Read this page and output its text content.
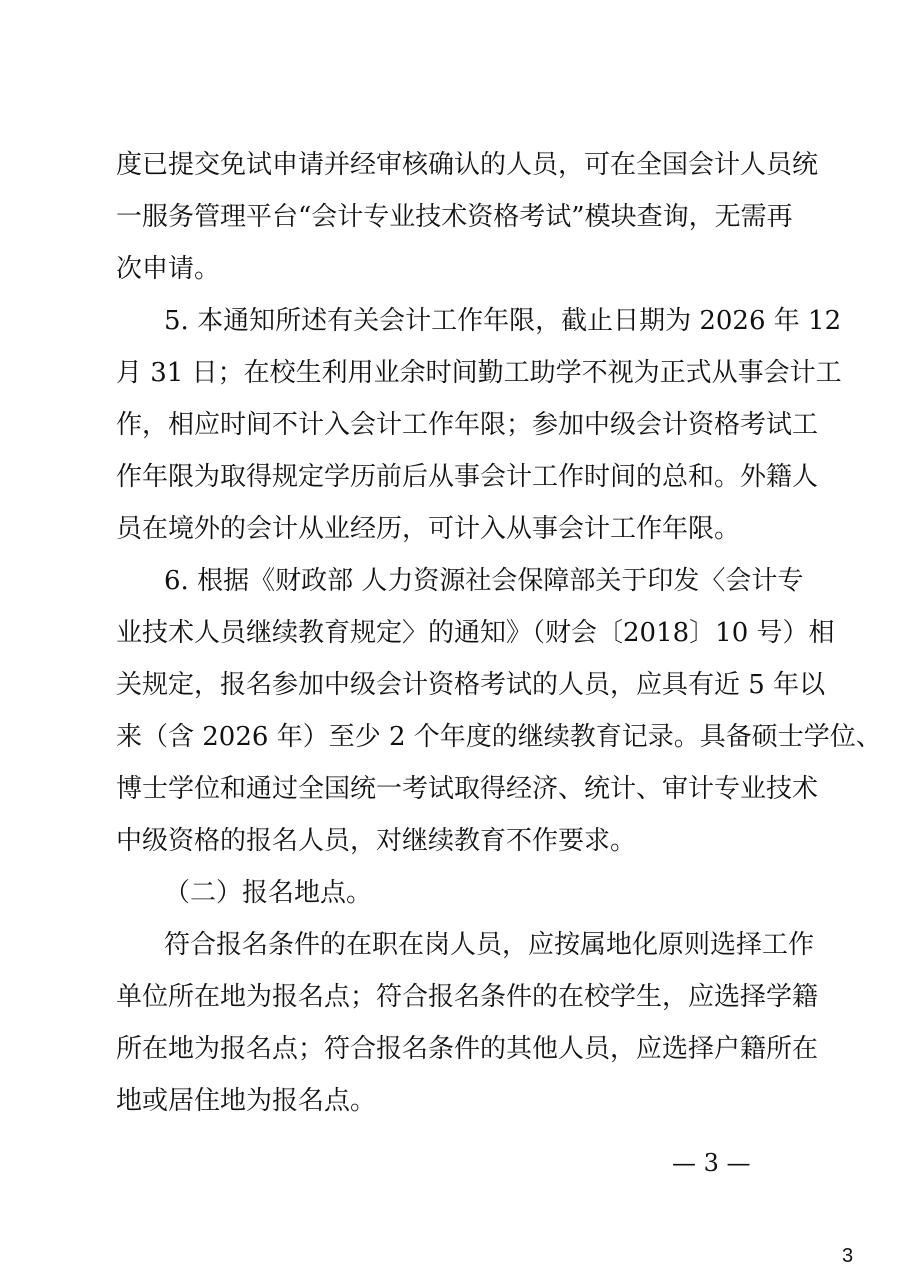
度已提交免试申请并经审核确认的人员，可在全国会计人员统
一服务管理平台“会计专业技术资格考试”模块查询，无需再
次申请。
5. 本通知所述有关会计工作年限，截止日期为 2026 年 12
月 31 日；在校生利用业余时间勤工助学不视为正式从事会计工
作，相应时间不计入会计工作年限；参加中级会计资格考试工
作年限为取得规定学历前后从事会计工作时间的总和。外籍人
员在境外的会计从业经历，可计入从事会计工作年限。
6. 根据《财政部 人力资源社会保障部关于印发〈会计专
业技术人员继续教育规定〉的通知》（财会〔2018〕10 号）相
关规定，报名参加中级会计资格考试的人员，应具有近 5 年以
来（含 2026 年）至少 2 个年度的继续教育记录。具备硕士学位、
博士学位和通过全国统一考试取得经济、统计、审计专业技术
中级资格的报名人员，对继续教育不作要求。
（二）报名地点。
符合报名条件的在职在岗人员，应按属地化原则选择工作
单位所在地为报名点；符合报名条件的在校学生，应选择学籍
所在地为报名点；符合报名条件的其他人员，应选择户籍所在
地或居住地为报名点。
— 3 —
3
